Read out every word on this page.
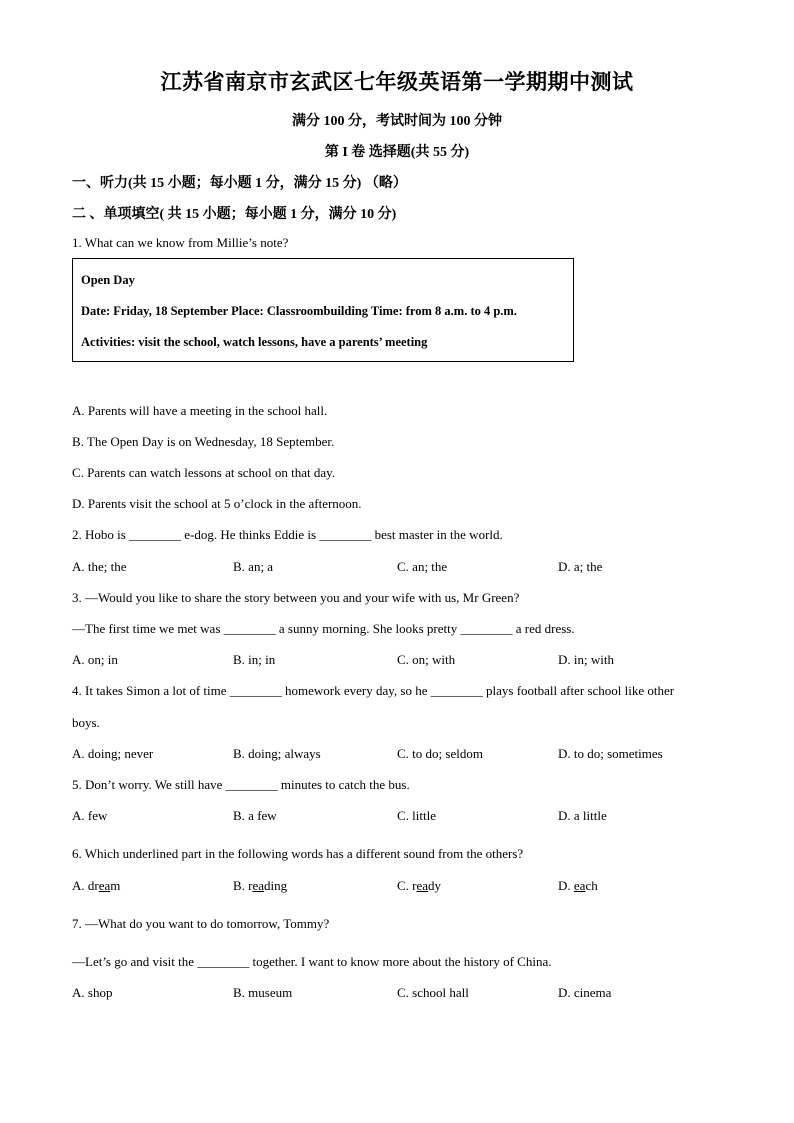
江苏省南京市玄武区七年级英语第一学期期中测试
满分 100 分，考试时间为 100 分钟
第 I 卷 选择题(共 55 分)
一、听力(共 15 小题；每小题 1 分，满分 15 分) （略）
二 、单项填空( 共 15 小题；每小题 1 分，满分 10 分)
1. What can we know from Millie’s note?
Open Day
Date: Friday, 18 September Place: Classroombuilding Time: from 8 a.m. to 4 p.m.
Activities: visit the school, watch lessons, have a parents’ meeting
A. Parents will have a meeting in the school hall.
B. The Open Day is on Wednesday, 18 September.
C. Parents can watch lessons at school on that day.
D. Parents visit the school at 5 o’clock in the afternoon.
2. Hobo is ________ e-dog. He thinks Eddie is ________ best master in the world.
A. the; the	B. an; a	C. an; the	D. a; the
3. —Would you like to share the story between you and your wife with us, Mr Green?
—The first time we met was ________ a sunny morning. She looks pretty ________ a red dress.
A. on; in	B. in; in	C. on; with	D. in; with
4. It takes Simon a lot of time ________ homework every day, so he ________ plays football after school like other
boys.
A. doing; never	B. doing; always	C. to do; seldom	D. to do; sometimes
5. Don’t worry. We still have ________ minutes to catch the bus.
A. few	B. a few	C. little	D. a little
6. Which underlined part in the following words has a different sound from the others?
A. dream	B. reading	C. ready	D. each
7. —What do you want to do tomorrow, Tommy?
—Let’s go and visit the ________ together. I want to know more about the history of China.
A. shop	B. museum	C. school hall	D. cinema
